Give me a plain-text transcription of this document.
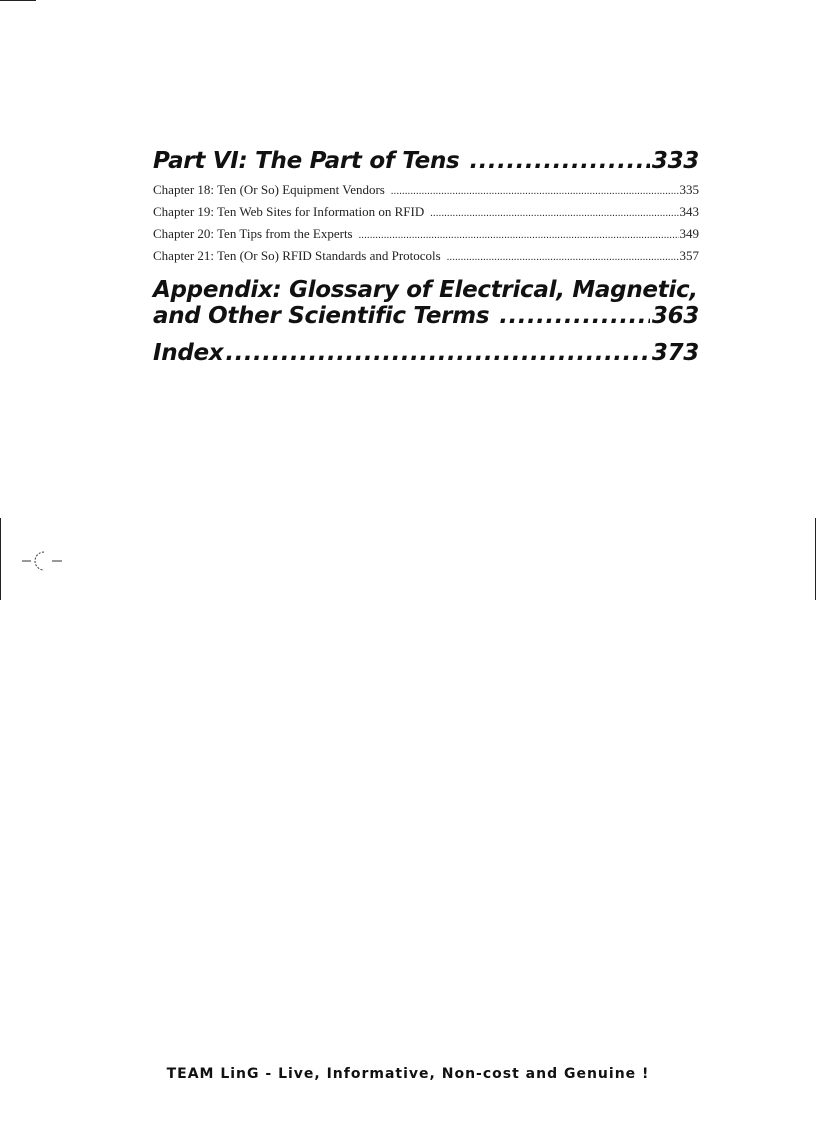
Part VI: The Part of Tens .....	333
Chapter 18: Ten (Or So) Equipment Vendors .....	335
Chapter 19: Ten Web Sites for Information on RFID .....	343
Chapter 20: Ten Tips from the Experts .....	349
Chapter 21: Ten (Or So) RFID Standards and Protocols .....	357
Appendix: Glossary of Electrical, Magnetic,
and Other Scientific Terms .....	363
Index .....	373
TEAM LinG - Live, Informative, Non-cost and Genuine !
